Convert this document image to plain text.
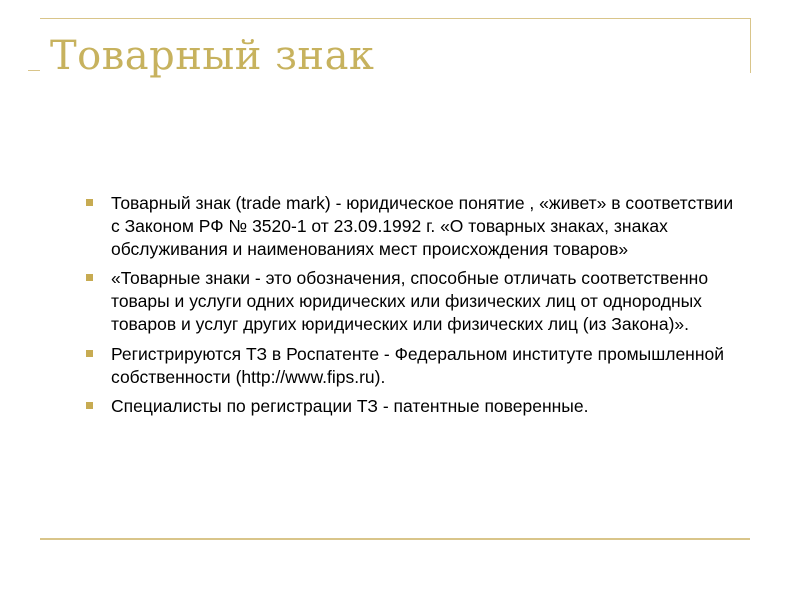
Товарный знак
Товарный знак (trade mark) - юридическое понятие , «живет» в соответствии с Законом РФ № 3520-1 от 23.09.1992 г. «О товарных знаках, знаках обслуживания и наименованиях мест происхождения товаров»
«Товарные знаки - это обозначения, способные отличать соответственно товары и услуги одних юридических или физических лиц от однородных товаров и услуг других юридических или физических лиц (из Закона)».
Регистрируются ТЗ в Роспатенте - Федеральном институте промышленной собственности (http://www.fips.ru).
Специалисты по регистрации ТЗ - патентные поверенные.
